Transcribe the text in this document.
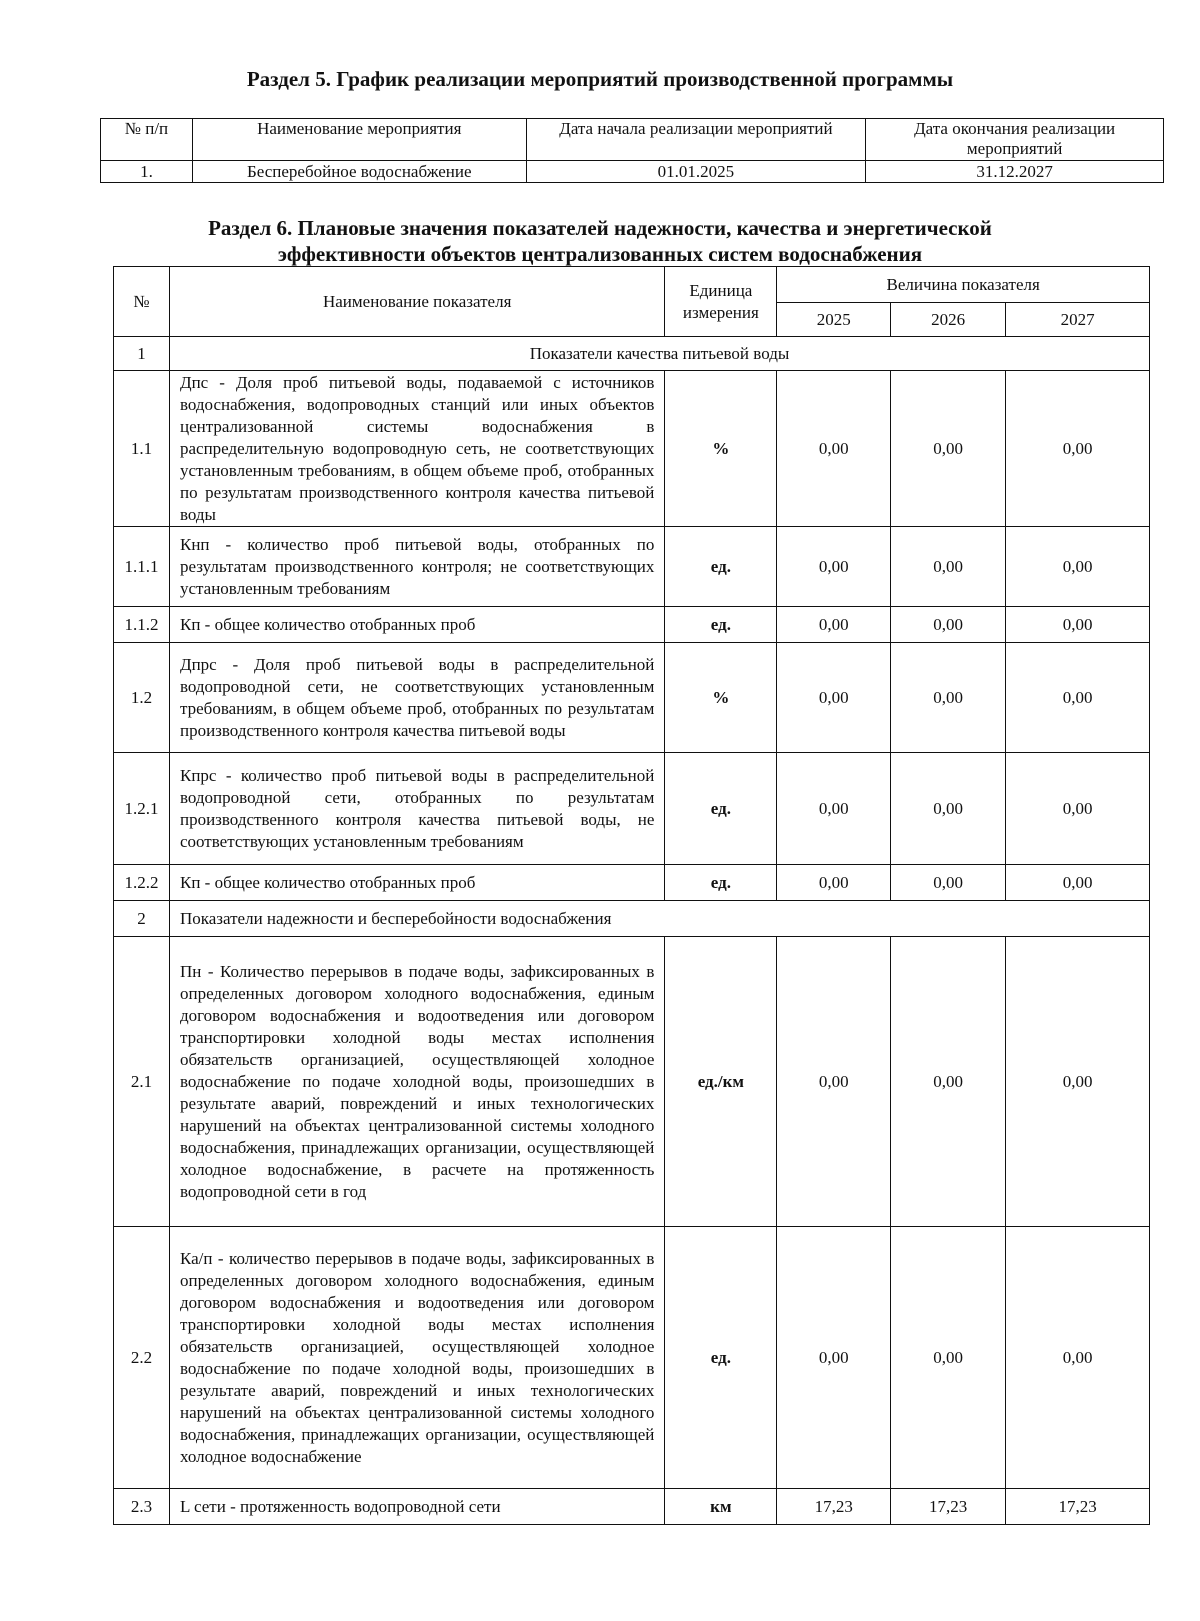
Раздел 5. График реализации мероприятий производственной программы
№ п/п	Наименование мероприятия	Дата начала реализации мероприятий	Дата окончания реализации мероприятий
1.	Бесперебойное водоснабжение	01.01.2025	31.12.2027
Раздел 6. Плановые значения показателей надежности, качества и энергетической
эффективности объектов централизованных систем водоснабжения
№	Наименование показателя	Единица измерения	Величина показателя		
			2025	2026	2027
1	Показатели качества питьевой воды				
1.1	Дпс - Доля проб питьевой воды, подаваемой с источников водоснабжения, водопроводных станций или иных объектов централизованной системы водоснабжения в распределительную водопроводную сеть, не соответствующих установленным требованиям, в общем объеме проб, отобранных по результатам производственного контроля качества питьевой воды	%	0,00	0,00	0,00
1.1.1	Кнп - количество проб питьевой воды, отобранных по результатам производственного контроля; не соответствующих установленным требованиям	ед.	0,00	0,00	0,00
1.1.2	Кп - общее количество отобранных проб	ед.	0,00	0,00	0,00
1.2	Дпрс - Доля проб питьевой воды в распределительной водопроводной сети, не соответствующих установленным требованиям, в общем объеме проб, отобранных по результатам производственного контроля качества питьевой воды	%	0,00	0,00	0,00
1.2.1	Кпрс - количество проб питьевой воды в распределительной водопроводной сети, отобранных по результатам производственного контроля качества питьевой воды, не соответствующих установленным требованиям	ед.	0,00	0,00	0,00
1.2.2	Кп - общее количество отобранных проб	ед.	0,00	0,00	0,00
2	Показатели надежности и бесперебойности водоснабжения				
2.1	Пн - Количество перерывов в подаче воды, зафиксированных в определенных договором холодного водоснабжения, единым договором водоснабжения и водоотведения или договором транспортировки холодной воды местах исполнения обязательств организацией, осуществляющей холодное водоснабжение по подаче холодной воды, произошедших в результате аварий, повреждений и иных технологических нарушений на объектах централизованной системы холодного водоснабжения, принадлежащих организации, осуществляющей холодное водоснабжение, в расчете на протяженность водопроводной сети в год	ед./км	0,00	0,00	0,00
2.2	Ка/п - количество перерывов в подаче воды, зафиксированных в определенных договором холодного водоснабжения, единым договором водоснабжения и водоотведения или договором транспортировки холодной воды местах исполнения обязательств организацией, осуществляющей холодное водоснабжение по подаче холодной воды, произошедших в результате аварий, повреждений и иных технологических нарушений на объектах централизованной системы холодного водоснабжения, принадлежащих организации, осуществляющей холодное водоснабжение	ед.	0,00	0,00	0,00
2.3	L сети - протяженность водопроводной сети	км	17,23	17,23	17,23
